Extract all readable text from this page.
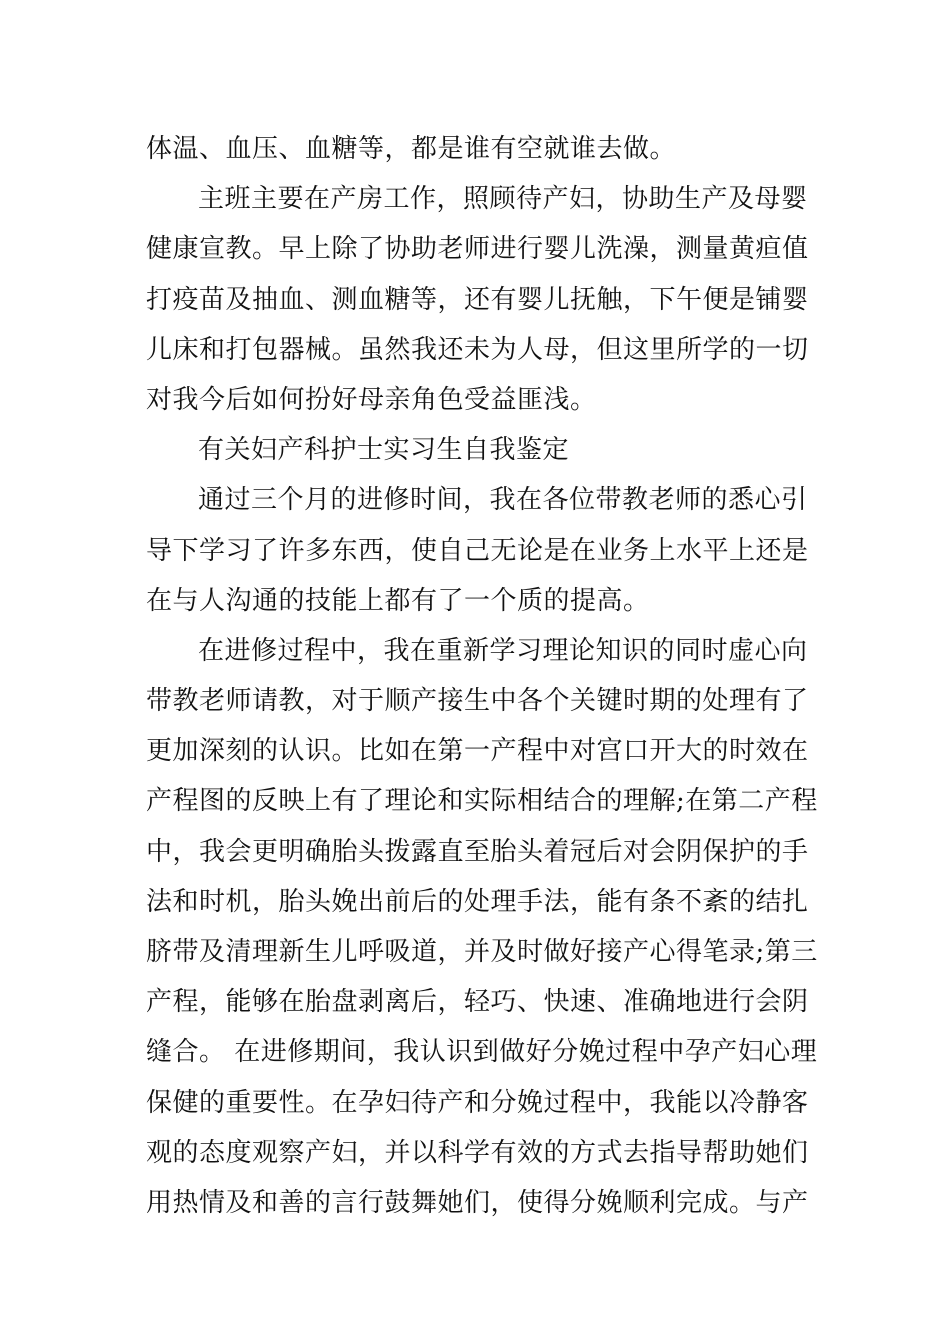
体温、血压、血糖等，都是谁有空就谁去做。
主班主要在产房工作，照顾待产妇，协助生产及母婴
健康宣教。早上除了协助老师进行婴儿洗澡，测量黄疸值
打疫苗及抽血、测血糖等，还有婴儿抚触，下午便是铺婴
儿床和打包器械。虽然我还未为人母，但这里所学的一切
对我今后如何扮好母亲角色受益匪浅。
有关妇产科护士实习生自我鉴定
通过三个月的进修时间，我在各位带教老师的悉心引
导下学习了许多东西，使自己无论是在业务上水平上还是
在与人沟通的技能上都有了一个质的提高。
在进修过程中，我在重新学习理论知识的同时虚心向
带教老师请教，对于顺产接生中各个关键时期的处理有了
更加深刻的认识。比如在第一产程中对宫口开大的时效在
产程图的反映上有了理论和实际相结合的理解;在第二产程
中，我会更明确胎头拨露直至胎头着冠后对会阴保护的手
法和时机，胎头娩出前后的处理手法，能有条不紊的结扎
脐带及清理新生儿呼吸道，并及时做好接产心得笔录;第三
产程，能够在胎盘剥离后，轻巧、快速、准确地进行会阴
缝合。 在进修期间，我认识到做好分娩过程中孕产妇心理
保健的重要性。在孕妇待产和分娩过程中，我能以冷静客
观的态度观察产妇，并以科学有效的方式去指导帮助她们
用热情及和善的言行鼓舞她们，使得分娩顺利完成。与产
